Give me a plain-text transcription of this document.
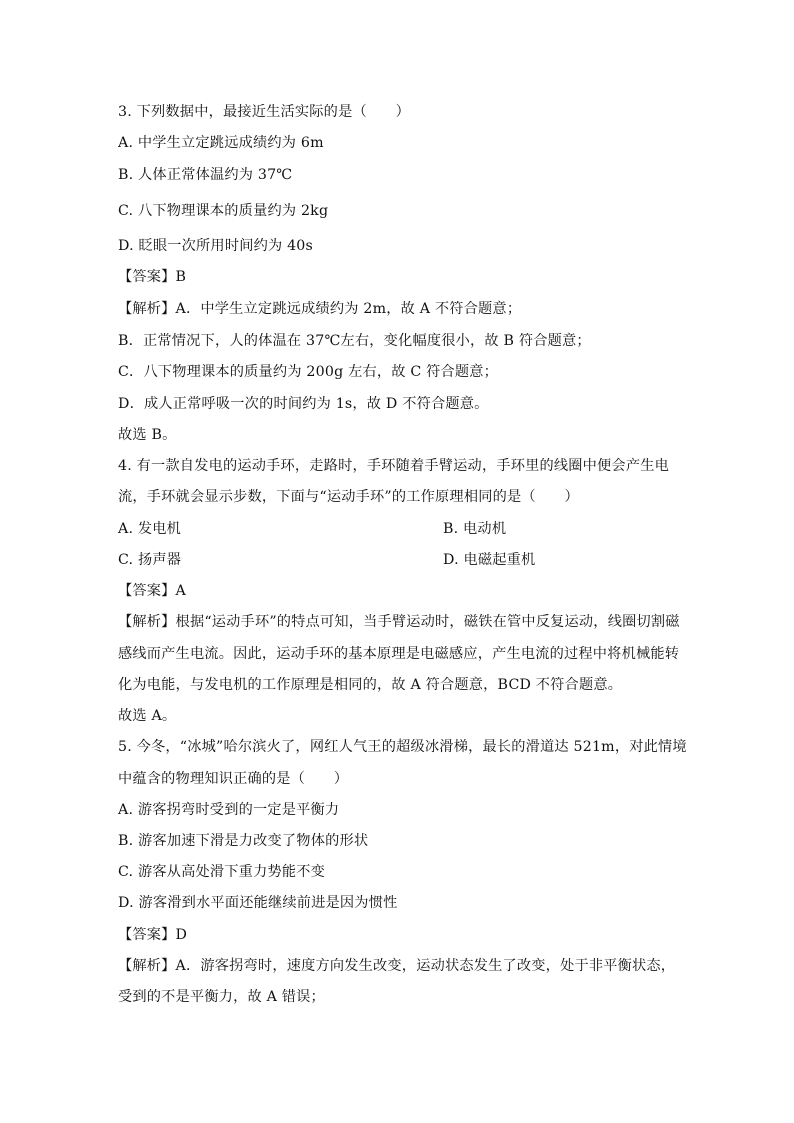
3. 下列数据中，最接近生活实际的是（　　）
A. 中学生立定跳远成绩约为 6m
B. 人体正常体温约为 37℃
C. 八下物理课本的质量约为 2kg
D. 眨眼一次所用时间约为 40s
【答案】B
【解析】A．中学生立定跳远成绩约为 2m，故 A 不符合题意；
B．正常情况下，人的体温在 37℃左右，变化幅度很小，故 B 符合题意；
C．八下物理课本的质量约为 200g 左右，故 C 符合题意；
D．成人正常呼吸一次的时间约为 1s，故 D 不符合题意。
故选 B。
4. 有一款自发电的运动手环，走路时，手环随着手臂运动，手环里的线圈中便会产生电
流，手环就会显示步数，下面与“运动手环”的工作原理相同的是（　　）
A. 发电机	B. 电动机
C. 扬声器	D. 电磁起重机
【答案】A
【解析】根据“运动手环”的特点可知，当手臂运动时，磁铁在管中反复运动，线圈切割磁
感线而产生电流。因此，运动手环的基本原理是电磁感应，产生电流的过程中将机械能转
化为电能，与发电机的工作原理是相同的，故 A 符合题意，BCD 不符合题意。
故选 A。
5. 今冬，“冰城”哈尔滨火了，网红人气王的超级冰滑梯，最长的滑道达 521m，对此情境
中蕴含的物理知识正确的是（　　）
A. 游客拐弯时受到的一定是平衡力
B. 游客加速下滑是力改变了物体的形状
C. 游客从高处滑下重力势能不变
D. 游客滑到水平面还能继续前进是因为惯性
【答案】D
【解析】A．游客拐弯时，速度方向发生改变，运动状态发生了改变，处于非平衡状态，
受到的不是平衡力，故 A 错误；
